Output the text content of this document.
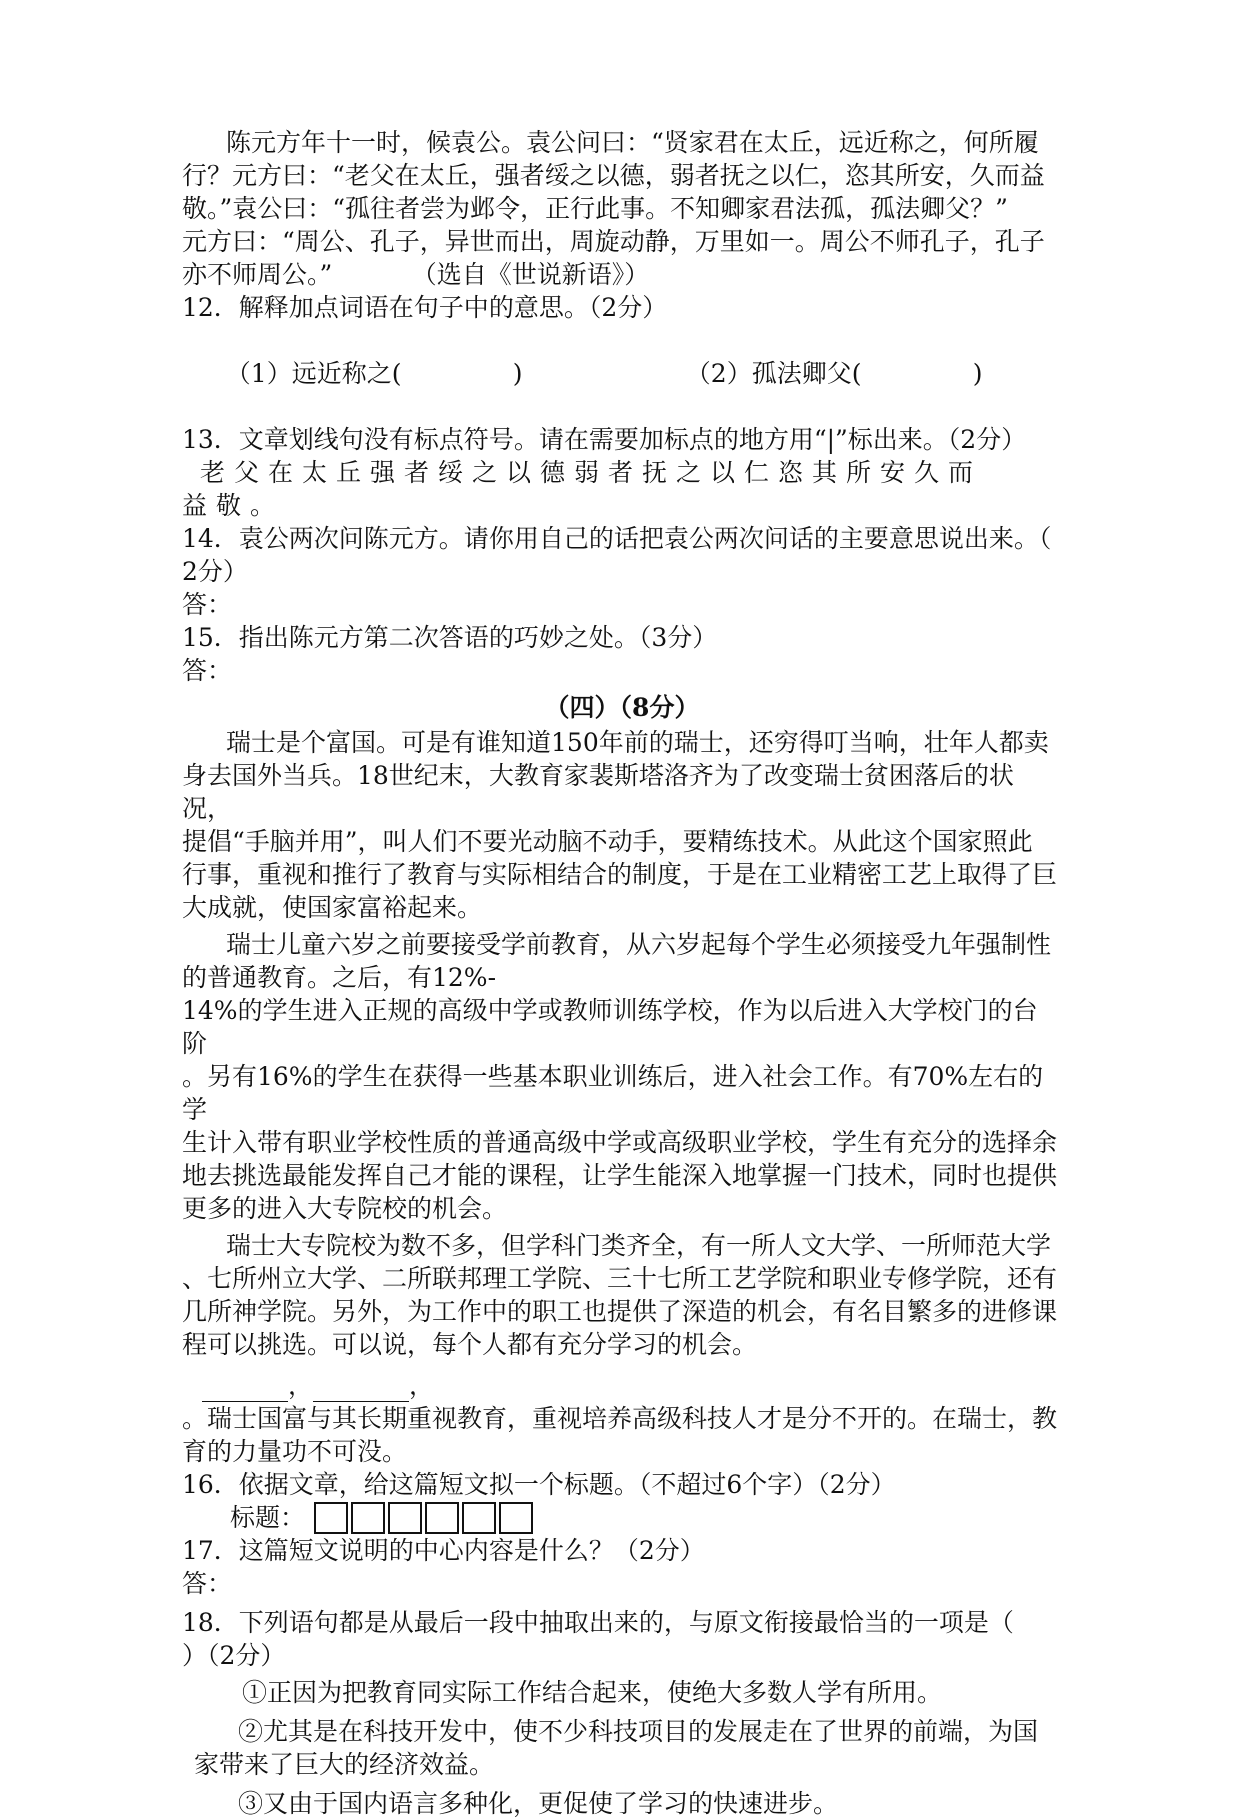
陈元方年十一时，候袁公。袁公问曰：“贤家君在太丘，远近称之，何所履

行？元方曰：“老父在太丘，强者绥之以德，弱者抚之以仁，恣其所安，久而益

敬。”袁公曰：“孤往者尝为邺令，正行此事。不知卿家君法孤，孤法卿父？”

元方曰：“周公、孔子，异世而出，周旋动静，万里如一。周公不师孔子，孔子

亦不师周公。”          （选自《世说新语》）

12．解释加点词语在句子中的意思。（2分）

（1）远近称之(              )	（2）孤法卿父(              )

13．文章划线句没有标点符号。请在需要加标点的地方用“|”标出来。（2分）

老父在太丘强者绥之以德弱者抚之以仁恣其所安久而

益敬。

14．袁公两次问陈元方。请你用自己的话把袁公两次问话的主要意思说出来。（

2分）

答：

15．指出陈元方第二次答语的巧妙之处。（3分）

答：

（四）（8分）

瑞士是个富国。可是有谁知道150年前的瑞士，还穷得叮当响，壮年人都卖

身去国外当兵。18世纪末，大教育家裴斯塔洛齐为了改变瑞士贫困落后的状况，

提倡“手脑并用”，叫人们不要光动脑不动手，要精练技术。从此这个国家照此

行事，重视和推行了教育与实际相结合的制度，于是在工业精密工艺上取得了巨

大成就，使国家富裕起来。

瑞士儿童六岁之前要接受学前教育，从六岁起每个学生必须接受九年强制性

的普通教育。之后，有12%-

14%的学生进入正规的高级中学或教师训练学校，作为以后进入大学校门的台阶

。另有16%的学生在获得一些基本职业训练后，进入社会工作。有70%左右的学

生计入带有职业学校性质的普通高级中学或高级职业学校，学生有充分的选择余

地去挑选最能发挥自己才能的课程，让学生能深入地掌握一门技术，同时也提供

更多的进入大专院校的机会。

瑞士大专院校为数不多，但学科门类齐全，有一所人文大学、一所师范大学

、七所州立大学、二所联邦理工学院、三十七所工艺学院和职业专修学院，还有

几所神学院。另外，为工作中的职工也提供了深造的机会，有名目繁多的进修课

程可以挑选。可以说，每个人都有充分学习的机会。

，	，

。瑞士国富与其长期重视教育，重视培养高级科技人才是分不开的。在瑞士，教

育的力量功不可没。

16．依据文章，给这篇短文拟一个标题。（不超过6个字）（2分）

标题：

17．这篇短文说明的中心内容是什么？（2分）

答：

18．下列语句都是从最后一段中抽取出来的，与原文衔接最恰当的一项是（

）（2分）

①正因为把教育同实际工作结合起来，使绝大多数人学有所用。

②尤其是在科技开发中，使不少科技项目的发展走在了世界的前端，为国

家带来了巨大的经济效益。

③又由于国内语言多种化，更促使了学习的快速进步。
